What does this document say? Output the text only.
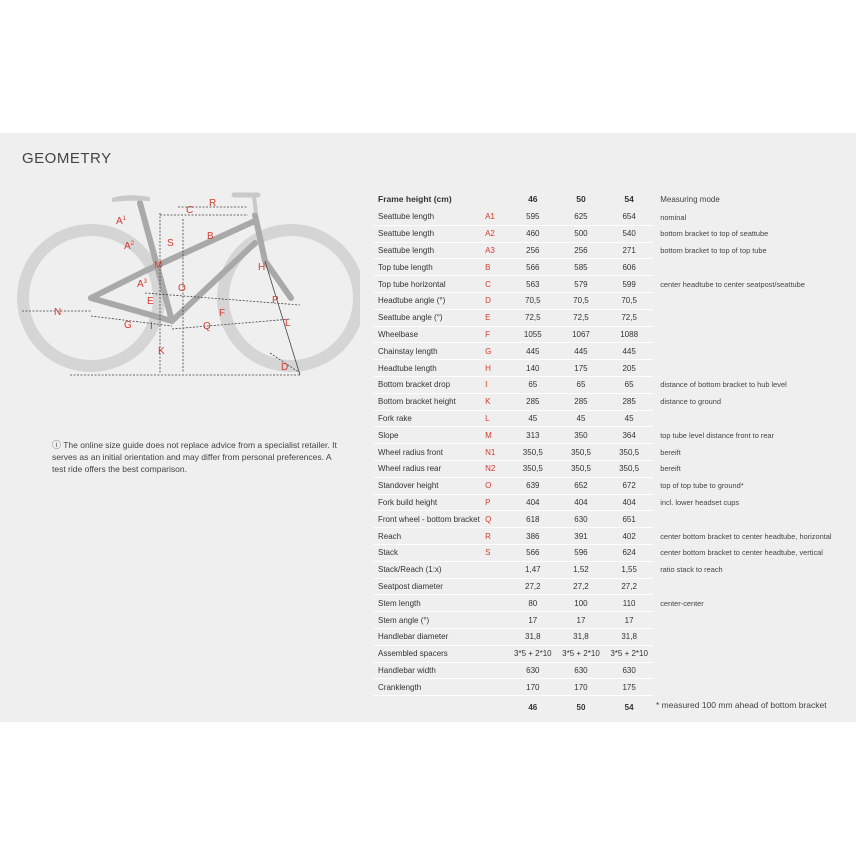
GEOMETRY
$A^1$
$A^2$
$A^3$
B
C
D
E
F
G
H
I
K
L
M
N
O
P
Q
R
S
ⓘ The online size guide does not replace advice from a specialist retailer. It serves as an initial orientation and may differ from personal preferences. A test ride offers the best comparison.
Frame height (cm)		46	50	54	Measuring mode
Seattube length	A1	595	625	654	nominal
Seattube length	A2	460	500	540	bottom bracket to top of seattube
Seattube length	A3	256	256	271	bottom bracket to top of top tube
Top tube length	B	566	585	606	
Top tube horizontal	C	563	579	599	center headtube to center seatpost/seattube
Headtube angle (°)	D	70,5	70,5	70,5	
Seattube angle (°)	E	72,5	72,5	72,5	
Wheelbase	F	1055	1067	1088	
Chainstay length	G	445	445	445	
Headtube length	H	140	175	205	
Bottom bracket drop	I	65	65	65	distance of bottom bracket to hub level
Bottom bracket height	K	285	285	285	distance to ground
Fork rake	L	45	45	45	
Slope	M	313	350	364	top tube level distance front to rear
Wheel radius front	N1	350,5	350,5	350,5	bereift
Wheel radius rear	N2	350,5	350,5	350,5	bereift
Standover height	O	639	652	672	top of top tube to ground*
Fork build height	P	404	404	404	incl. lower headset cups
Front wheel - bottom bracket	Q	618	630	651	
Reach	R	386	391	402	center bottom bracket to center headtube, horizontal
Stack	S	566	596	624	center bottom bracket to center headtube, vertical
Stack/Reach (1:x)		1,47	1,52	1,55	ratio stack to reach
Seatpost diameter		27,2	27,2	27,2	
Stem length		80	100	110	center-center
Stem angle (°)		17	17	17	
Handlebar diameter		31,8	31,8	31,8	
Assembled spacers		3*5 + 2*10	3*5 + 2*10	3*5 + 2*10	
Handlebar width		630	630	630	
Cranklength		170	170	175	
		46	50	54		* measured 100 mm ahead of bottom bracket
